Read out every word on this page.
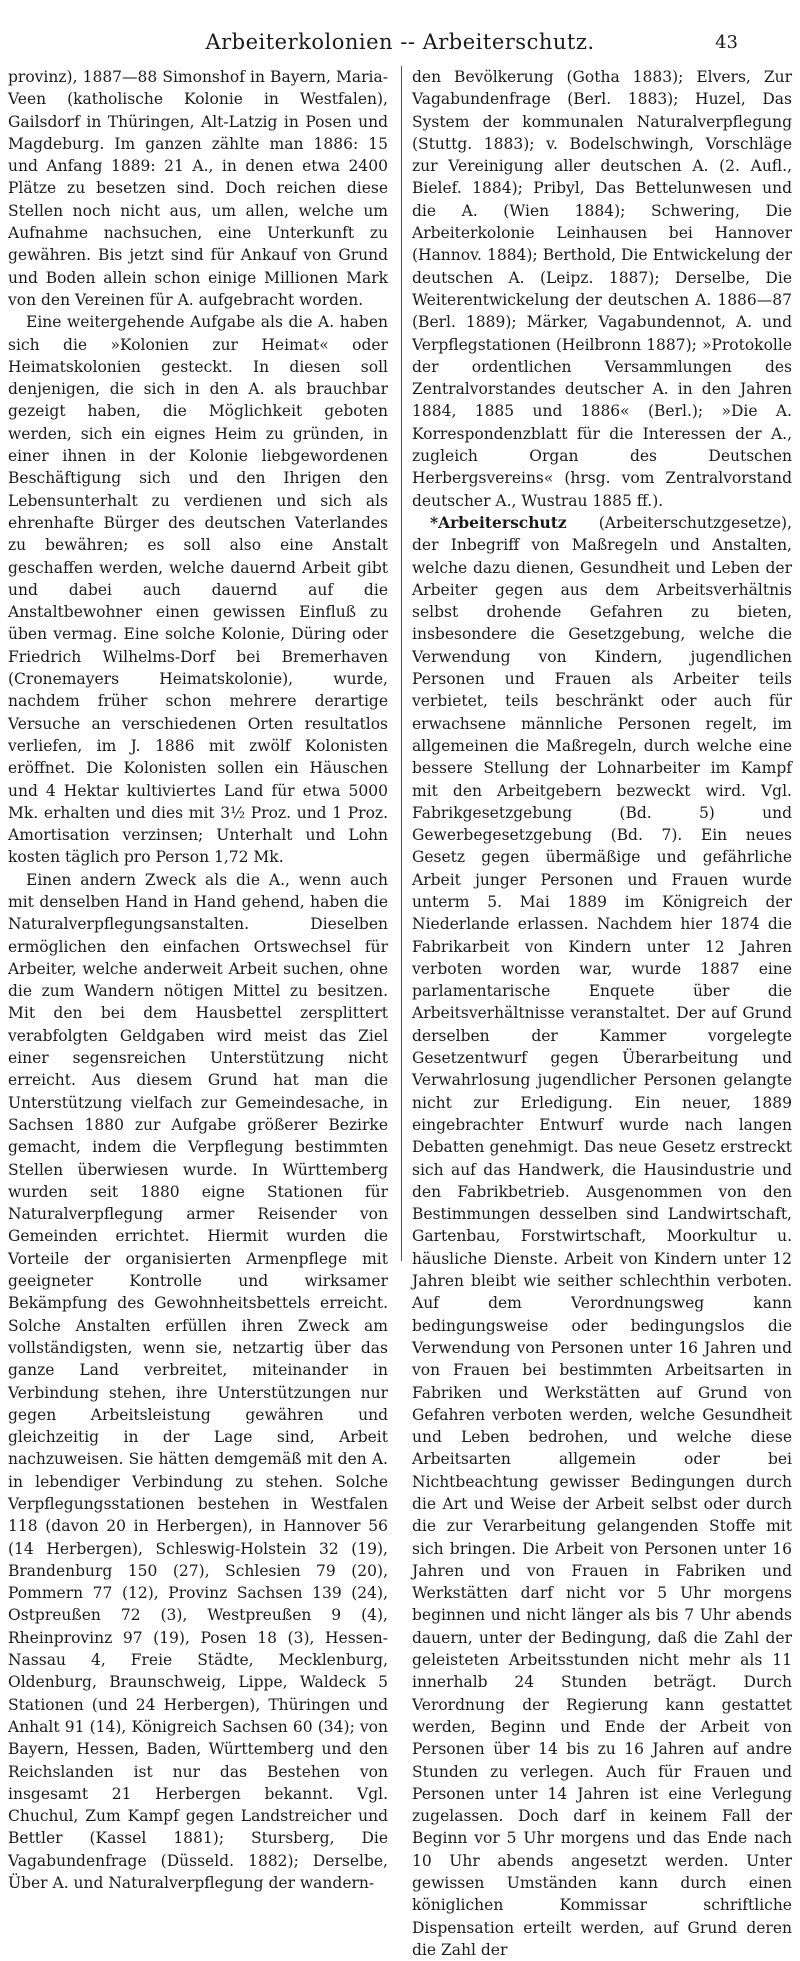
Arbeiterkolonien -- Arbeiterschutz.	43

provinz), 1887—88 Simonshof in Bayern, Maria-Veen (katholische Kolonie in Westfalen), Gailsdorf in Thüringen, Alt-Latzig in Posen und Magdeburg. Im ganzen zählte man 1886: 15 und Anfang 1889: 21 A., in denen etwa 2400 Plätze zu besetzen sind. Doch reichen diese Stellen noch nicht aus, um allen, welche um Aufnahme nachsuchen, eine Unterkunft zu gewähren. Bis jetzt sind für Ankauf von Grund und Boden allein schon einige Millionen Mark von den Vereinen für A. aufgebracht worden.

Eine weitergehende Aufgabe als die A. haben sich die »Kolonien zur Heimat« oder Heimatskolonien gesteckt. In diesen soll denjenigen, die sich in den A. als brauchbar gezeigt haben, die Möglichkeit geboten werden, sich ein eignes Heim zu gründen, in einer ihnen in der Kolonie liebgewordenen Beschäftigung sich und den Ihrigen den Lebensunterhalt zu verdienen und sich als ehrenhafte Bürger des deutschen Vaterlandes zu bewähren; es soll also eine Anstalt geschaffen werden, welche dauernd Arbeit gibt und dabei auch dauernd auf die Anstaltbewohner einen gewissen Einfluß zu üben vermag. Eine solche Kolonie, Düring oder Friedrich Wilhelms-Dorf bei Bremerhaven (Cronemayers Heimatskolonie), wurde, nachdem früher schon mehrere derartige Versuche an verschiedenen Orten resultatlos verliefen, im J. 1886 mit zwölf Kolonisten eröffnet. Die Kolonisten sollen ein Häuschen und 4 Hektar kultiviertes Land für etwa 5000 Mk. erhalten und dies mit 3½ Proz. und 1 Proz. Amortisation verzinsen; Unterhalt und Lohn kosten täglich pro Person 1,72 Mk.

Einen andern Zweck als die A., wenn auch mit denselben Hand in Hand gehend, haben die Naturalverpflegungsanstalten. Dieselben ermöglichen den einfachen Ortswechsel für Arbeiter, welche anderweit Arbeit suchen, ohne die zum Wandern nötigen Mittel zu besitzen. Mit den bei dem Hausbettel zersplittert verabfolgten Geldgaben wird meist das Ziel einer segensreichen Unterstützung nicht erreicht. Aus diesem Grund hat man die Unterstützung vielfach zur Gemeindesache, in Sachsen 1880 zur Aufgabe größerer Bezirke gemacht, indem die Verpflegung bestimmten Stellen überwiesen wurde. In Württemberg wurden seit 1880 eigne Stationen für Naturalverpflegung armer Reisender von Gemeinden errichtet. Hiermit wurden die Vorteile der organisierten Armenpflege mit geeigneter Kontrolle und wirksamer Bekämpfung des Gewohnheitsbettels erreicht. Solche Anstalten erfüllen ihren Zweck am vollständigsten, wenn sie, netzartig über das ganze Land verbreitet, miteinander in Verbindung stehen, ihre Unterstützungen nur gegen Arbeitsleistung gewähren und gleichzeitig in der Lage sind, Arbeit nachzuweisen. Sie hätten demgemäß mit den A. in lebendiger Verbindung zu stehen. Solche Verpflegungsstationen bestehen in Westfalen 118 (davon 20 in Herbergen), in Hannover 56 (14 Herbergen), Schleswig-Holstein 32 (19), Brandenburg 150 (27), Schlesien 79 (20), Pommern 77 (12), Provinz Sachsen 139 (24), Ostpreußen 72 (3), Westpreußen 9 (4), Rheinprovinz 97 (19), Posen 18 (3), Hessen-Nassau 4, Freie Städte, Mecklenburg, Oldenburg, Braunschweig, Lippe, Waldeck 5 Stationen (und 24 Herbergen), Thüringen und Anhalt 91 (14), Königreich Sachsen 60 (34); von Bayern, Hessen, Baden, Württemberg und den Reichslanden ist nur das Bestehen von insgesamt 21 Herbergen bekannt. Vgl. Chuchul, Zum Kampf gegen Landstreicher und Bettler (Kassel 1881); Stursberg, Die Vagabundenfrage (Düsseld. 1882); Derselbe, Über A. und Naturalverpflegung der wandern-

den Bevölkerung (Gotha 1883); Elvers, Zur Vagabundenfrage (Berl. 1883); Huzel, Das System der kommunalen Naturalverpflegung (Stuttg. 1883); v. Bodelschwingh, Vorschläge zur Vereinigung aller deutschen A. (2. Aufl., Bielef. 1884); Pribyl, Das Bettelunwesen und die A. (Wien 1884); Schwering, Die Arbeiterkolonie Leinhausen bei Hannover (Hannov. 1884); Berthold, Die Entwickelung der deutschen A. (Leipz. 1887); Derselbe, Die Weiterentwickelung der deutschen A. 1886—87 (Berl. 1889); Märker, Vagabundennot, A. und Verpflegstationen (Heilbronn 1887); »Protokolle der ordentlichen Versammlungen des Zentralvorstandes deutscher A. in den Jahren 1884, 1885 und 1886« (Berl.); »Die A. Korrespondenzblatt für die Interessen der A., zugleich Organ des Deutschen Herbergsvereins« (hrsg. vom Zentralvorstand deutscher A., Wustrau 1885 ff.).

*Arbeiterschutz (Arbeiterschutzgesetze), der Inbegriff von Maßregeln und Anstalten, welche dazu dienen, Gesundheit und Leben der Arbeiter gegen aus dem Arbeitsverhältnis selbst drohende Gefahren zu bieten, insbesondere die Gesetzgebung, welche die Verwendung von Kindern, jugendlichen Personen und Frauen als Arbeiter teils verbietet, teils beschränkt oder auch für erwachsene männliche Personen regelt, im allgemeinen die Maßregeln, durch welche eine bessere Stellung der Lohnarbeiter im Kampf mit den Arbeitgebern bezweckt wird. Vgl. Fabrikgesetzgebung (Bd. 5) und Gewerbegesetzgebung (Bd. 7). Ein neues Gesetz gegen übermäßige und gefährliche Arbeit junger Personen und Frauen wurde unterm 5. Mai 1889 im Königreich der Niederlande erlassen. Nachdem hier 1874 die Fabrikarbeit von Kindern unter 12 Jahren verboten worden war, wurde 1887 eine parlamentarische Enquete über die Arbeitsverhältnisse veranstaltet. Der auf Grund derselben der Kammer vorgelegte Gesetzentwurf gegen Überarbeitung und Verwahrlosung jugendlicher Personen gelangte nicht zur Erledigung. Ein neuer, 1889 eingebrachter Entwurf wurde nach langen Debatten genehmigt. Das neue Gesetz erstreckt sich auf das Handwerk, die Hausindustrie und den Fabrikbetrieb. Ausgenommen von den Bestimmungen desselben sind Landwirtschaft, Gartenbau, Forstwirtschaft, Moorkultur u. häusliche Dienste. Arbeit von Kindern unter 12 Jahren bleibt wie seither schlechthin verboten. Auf dem Verordnungsweg kann bedingungsweise oder bedingungslos die Verwendung von Personen unter 16 Jahren und von Frauen bei bestimmten Arbeitsarten in Fabriken und Werkstätten auf Grund von Gefahren verboten werden, welche Gesundheit und Leben bedrohen, und welche diese Arbeitsarten allgemein oder bei Nichtbeachtung gewisser Bedingungen durch die Art und Weise der Arbeit selbst oder durch die zur Verarbeitung gelangenden Stoffe mit sich bringen. Die Arbeit von Personen unter 16 Jahren und von Frauen in Fabriken und Werkstätten darf nicht vor 5 Uhr morgens beginnen und nicht länger als bis 7 Uhr abends dauern, unter der Bedingung, daß die Zahl der geleisteten Arbeitsstunden nicht mehr als 11 innerhalb 24 Stunden beträgt. Durch Verordnung der Regierung kann gestattet werden, Beginn und Ende der Arbeit von Personen über 14 bis zu 16 Jahren auf andre Stunden zu verlegen. Auch für Frauen und Personen unter 14 Jahren ist eine Verlegung zugelassen. Doch darf in keinem Fall der Beginn vor 5 Uhr morgens und das Ende nach 10 Uhr abends angesetzt werden. Unter gewissen Umständen kann durch einen königlichen Kommissar schriftliche Dispensation erteilt werden, auf Grund deren die Zahl der
